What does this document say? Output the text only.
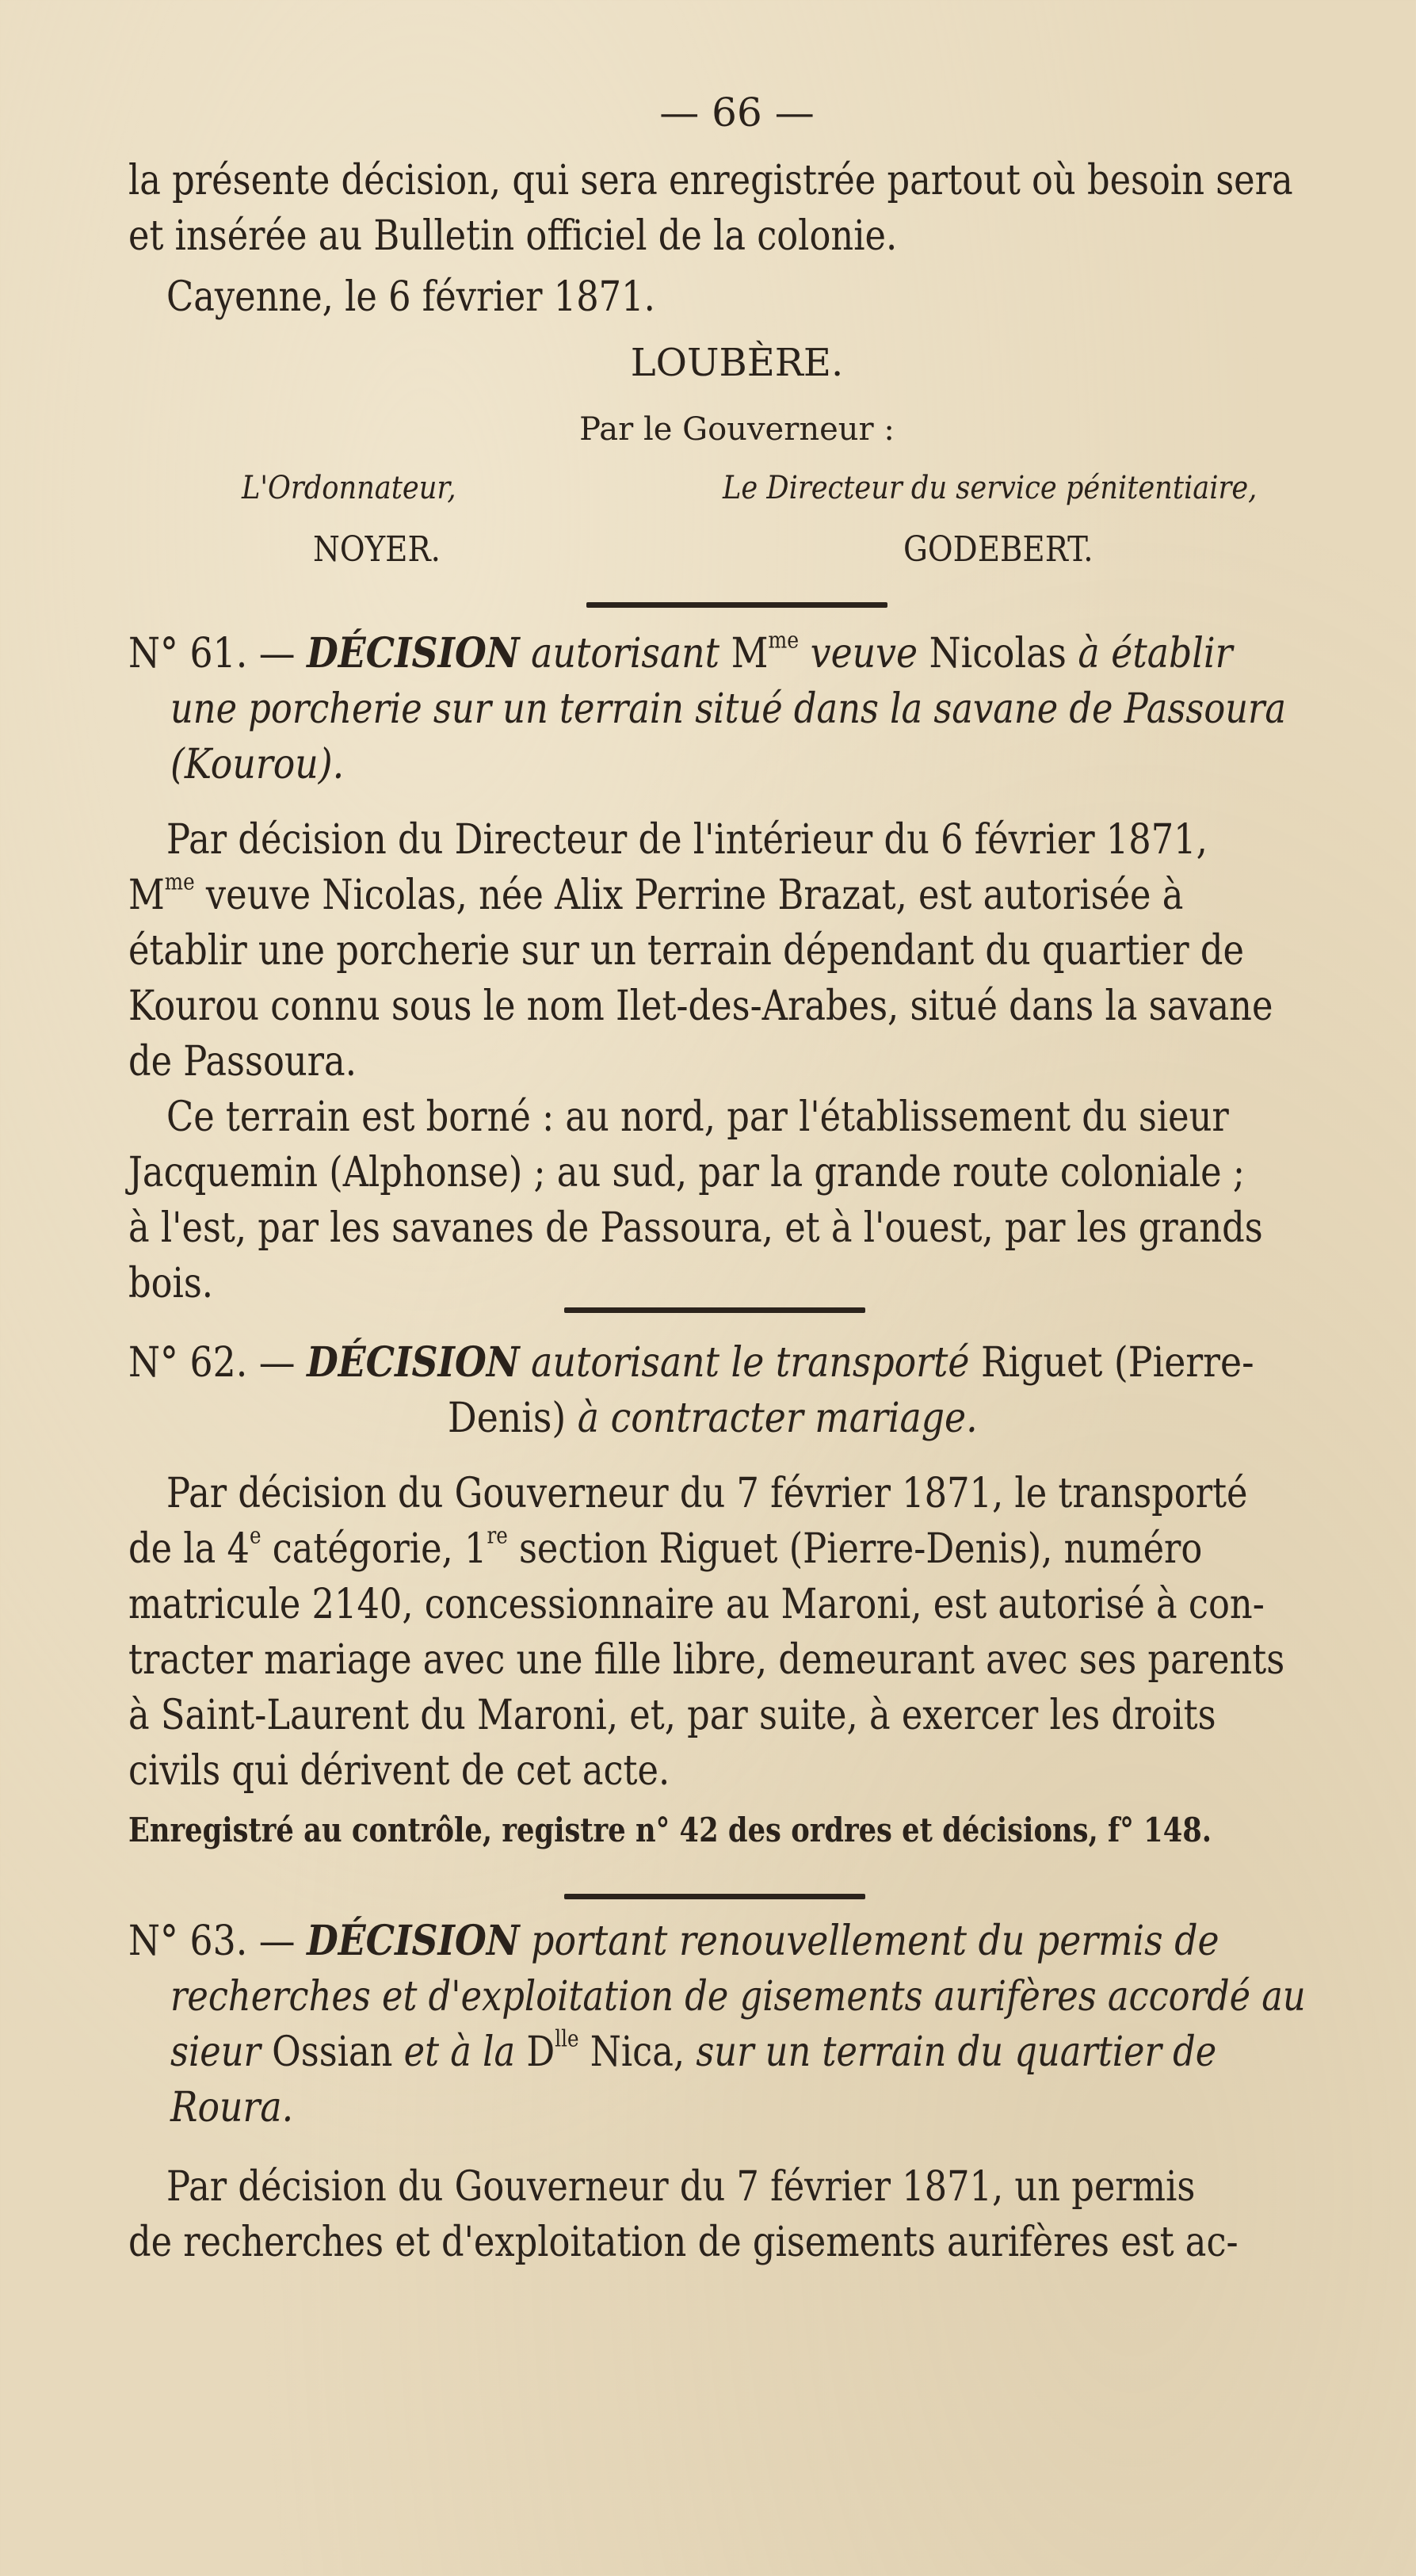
— 66 —
la présente décision, qui sera enregistrée partout où besoin sera
et insérée au Bulletin officiel de la colonie.
Cayenne, le 6 février 1871.
LOUBÈRE.
Par le Gouverneur :
L'Ordonnateur,	Le Directeur du service pénitentiaire,
NOYER.	GODEBERT.
N° 61. — DÉCISION autorisant $M^{me}$ veuve Nicolas à établir
une porcherie sur un terrain situé dans la savane de Passoura
(Kourou).
Par décision du Directeur de l'intérieur du 6 février 1871,
$M^{me}$ veuve Nicolas, née Alix Perrine Brazat, est autorisée à
établir une porcherie sur un terrain dépendant du quartier de
Kourou connu sous le nom Ilet-des-Arabes, situé dans la savane
de Passoura.
Ce terrain est borné : au nord, par l'établissement du sieur
Jacquemin (Alphonse) ; au sud, par la grande route coloniale ;
à l'est, par les savanes de Passoura, et à l'ouest, par les grands
bois.
N° 62. — DÉCISION autorisant le transporté Riguet (Pierre-
Denis) à contracter mariage.
Par décision du Gouverneur du 7 février 1871, le transporté
de la 4e catégorie, 1re section Riguet (Pierre-Denis), numéro
matricule 2140, concessionnaire au Maroni, est autorisé à con-
tracter mariage avec une fille libre, demeurant avec ses parents
à Saint-Laurent du Maroni, et, par suite, à exercer les droits
civils qui dérivent de cet acte.
Enregistré au contrôle, registre n° 42 des ordres et décisions, f° 148.
N° 63. — DÉCISION portant renouvellement du permis de
recherches et d'exploitation de gisements aurifères accordé au
sieur Ossian et à la $D^{lle}$ Nica, sur un terrain du quartier de
Roura.
Par décision du Gouverneur du 7 février 1871, un permis
de recherches et d'exploitation de gisements aurifères est ac-
